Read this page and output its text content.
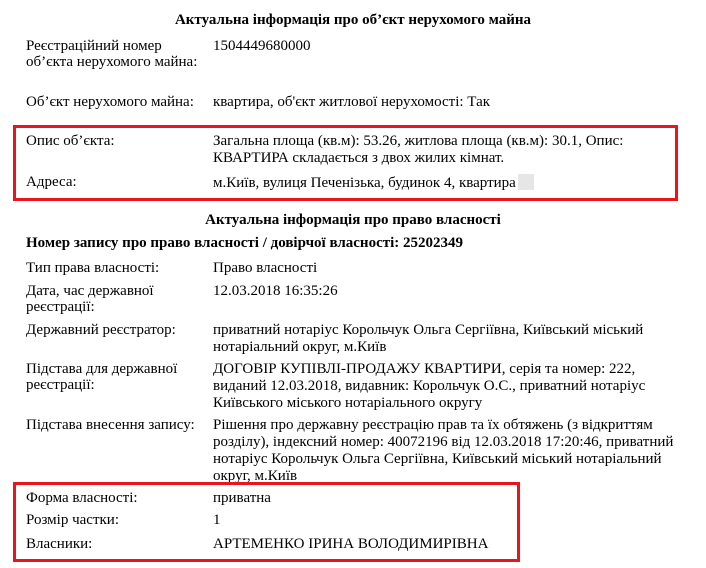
Актуальна інформація про об’єкт нерухомого майна
Реєстраційний номер об’єкта нерухомого майна:
1504449680000
Об’єкт нерухомого майна:	квартира, об'єкт житлової нерухомості: Так
Опис об’єкта:	Загальна площа (кв.м): 53.26, житлова площа (кв.м): 30.1, Опис: КВАРТИРА складається з двох жилих кімнат.
Адреса:	м.Київ, вулиця Печенізька, будинок 4, квартира
Актуальна інформація про право власності
Номер запису про право власності / довірчої власності: 25202349
Тип права власності:	Право власності
Дата, час державної реєстрації:
12.03.2018 16:35:26
Державний реєстратор:	приватний нотаріус Корольчук Ольга Сергіївна, Київський міський нотаріальний округ, м.Київ
Підстава для державної реєстрації:
ДОГОВІР КУПІВЛІ-ПРОДАЖУ КВАРТИРИ, серія та номер: 222, виданий 12.03.2018, видавник: Корольчук О.С., приватний нотаріус Київського міського нотаріального округу
Підстава внесення запису:	Рішення про державну реєстрацію прав та їх обтяжень (з відкриттям розділу), індексний номер: 40072196 від 12.03.2018 17:20:46, приватний нотаріус Корольчук Ольга Сергіївна, Київський міський нотаріальний округ, м.Київ
Форма власності:	приватна
Розмір частки:	1
Власники:	АРТЕМЕНКО ІРИНА ВОЛОДИМИРІВНА
